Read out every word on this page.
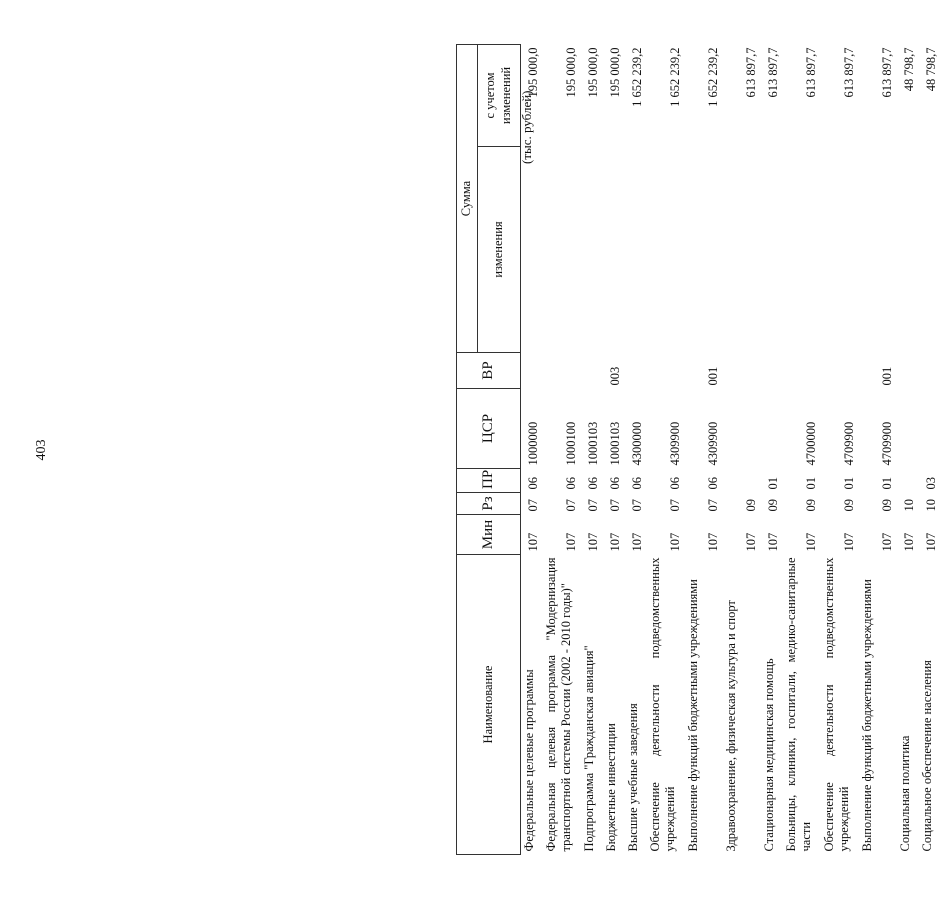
403
(тыс. рублей)
Наименование	Мин	Рз	ПР	ЦСР	ВР	Сумма	
						изменения	с учетом изменений
Федеральные целевые программы	107	07	06	1000000			195 000,0
Федеральная целевая программа "Модернизация транспортной системы России (2002 - 2010 годы)"	107	07	06	1000100			195 000,0
Подпрограмма "Гражданская авиация"	107	07	06	1000103			195 000,0
Бюджетные инвестиции	107	07	06	1000103	003		195 000,0
Высшие учебные заведения	107	07	06	4300000			1 652 239,2
Обеспечение деятельности подведомственных учреждений	107	07	06	4309900			1 652 239,2
Выполнение функций бюджетными учреждениями	107	07	06	4309900	001		1 652 239,2
Здравоохранение, физическая культура и спорт	107	09					613 897,7
Стационарная медицинская помощь	107	09	01				613 897,7
Больницы, клиники, госпитали, медико-санитарные части	107	09	01	4700000			613 897,7
Обеспечение деятельности подведомственных учреждений	107	09	01	4709900			613 897,7
Выполнение функций бюджетными учреждениями	107	09	01	4709900	001		613 897,7
Социальная политика	107	10					48 798,7
Социальное обеспечение населения	107	10	03				48 798,7
